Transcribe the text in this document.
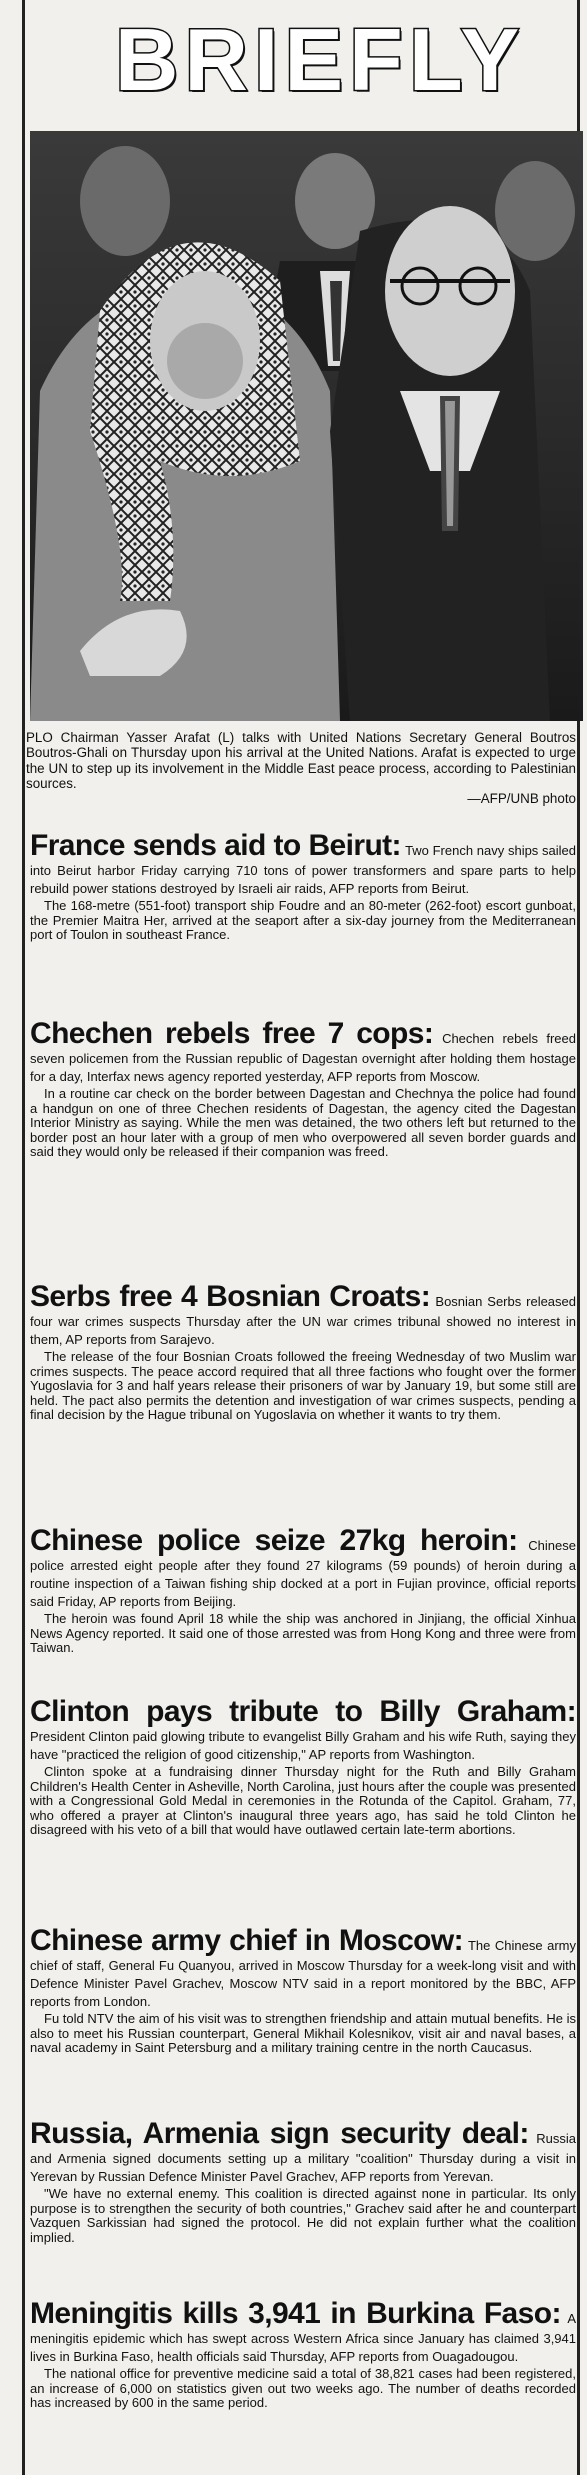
BRIEFLY
PLO Chairman Yasser Arafat (L) talks with United Nations Secretary General Boutros Boutros-Ghali on Thursday upon his arrival at the United Nations. Arafat is expected to urge the UN to step up its involvement in the Middle East peace process, according to Palestinian sources.
—AFP/UNB photo
France sends aid to Beirut: Two French navy ships sailed into Beirut harbor Friday carrying 710 tons of power transformers and spare parts to help rebuild power stations destroyed by Israeli air raids, AFP reports from Beirut.

The 168-metre (551-foot) transport ship Foudre and an 80-meter (262-foot) escort gunboat, the Premier Maitra Her, arrived at the seaport after a six-day journey from the Mediterranean port of Toulon in southeast France.

Chechen rebels free 7 cops: Chechen rebels freed seven policemen from the Russian republic of Dagestan overnight after holding them hostage for a day, Interfax news agency reported yesterday, AFP reports from Moscow.

In a routine car check on the border between Dagestan and Chechnya the police had found a handgun on one of three Chechen residents of Dagestan, the agency cited the Dagestan Interior Ministry as saying. While the men was detained, the two others left but returned to the border post an hour later with a group of men who overpowered all seven border guards and said they would only be released if their companion was freed.

Serbs free 4 Bosnian Croats: Bosnian Serbs released four war crimes suspects Thursday after the UN war crimes tribunal showed no interest in them, AP reports from Sarajevo.

The release of the four Bosnian Croats followed the freeing Wednesday of two Muslim war crimes suspects. The peace accord required that all three factions who fought over the former Yugoslavia for 3 and half years release their prisoners of war by January 19, but some still are held. The pact also permits the detention and investigation of war crimes suspects, pending a final decision by the Hague tribunal on Yugoslavia on whether it wants to try them.

Chinese police seize 27kg heroin: Chinese police arrested eight people after they found 27 kilograms (59 pounds) of heroin during a routine inspection of a Taiwan fishing ship docked at a port in Fujian province, official reports said Friday, AP reports from Beijing.

The heroin was found April 18 while the ship was anchored in Jinjiang, the official Xinhua News Agency reported. It said one of those arrested was from Hong Kong and three were from Taiwan.

Clinton pays tribute to Billy Graham: President Clinton paid glowing tribute to evangelist Billy Graham and his wife Ruth, saying they have "practiced the religion of good citizenship," AP reports from Washington.

Clinton spoke at a fundraising dinner Thursday night for the Ruth and Billy Graham Children's Health Center in Asheville, North Carolina, just hours after the couple was presented with a Congressional Gold Medal in ceremonies in the Rotunda of the Capitol. Graham, 77, who offered a prayer at Clinton's inaugural three years ago, has said he told Clinton he disagreed with his veto of a bill that would have outlawed certain late-term abortions.

Chinese army chief in Moscow: The Chinese army chief of staff, General Fu Quanyou, arrived in Moscow Thursday for a week-long visit and with Defence Minister Pavel Grachev, Moscow NTV said in a report monitored by the BBC, AFP reports from London.

Fu told NTV the aim of his visit was to strengthen friendship and attain mutual benefits. He is also to meet his Russian counterpart, General Mikhail Kolesnikov, visit air and naval bases, a naval academy in Saint Petersburg and a military training centre in the north Caucasus.

Russia, Armenia sign security deal: Russia and Armenia signed documents setting up a military "coalition" Thursday during a visit in Yerevan by Russian Defence Minister Pavel Grachev, AFP reports from Yerevan.

"We have no external enemy. This coalition is directed against none in particular. Its only purpose is to strengthen the security of both countries," Grachev said after he and counterpart Vazquen Sarkissian had signed the protocol. He did not explain further what the coalition implied.

Meningitis kills 3,941 in Burkina Faso: A meningitis epidemic which has swept across Western Africa since January has claimed 3,941 lives in Burkina Faso, health officials said Thursday, AFP reports from Ouagadougou.

The national office for preventive medicine said a total of 38,821 cases had been registered, an increase of 6,000 on statistics given out two weeks ago. The number of deaths recorded has increased by 600 in the same period.
